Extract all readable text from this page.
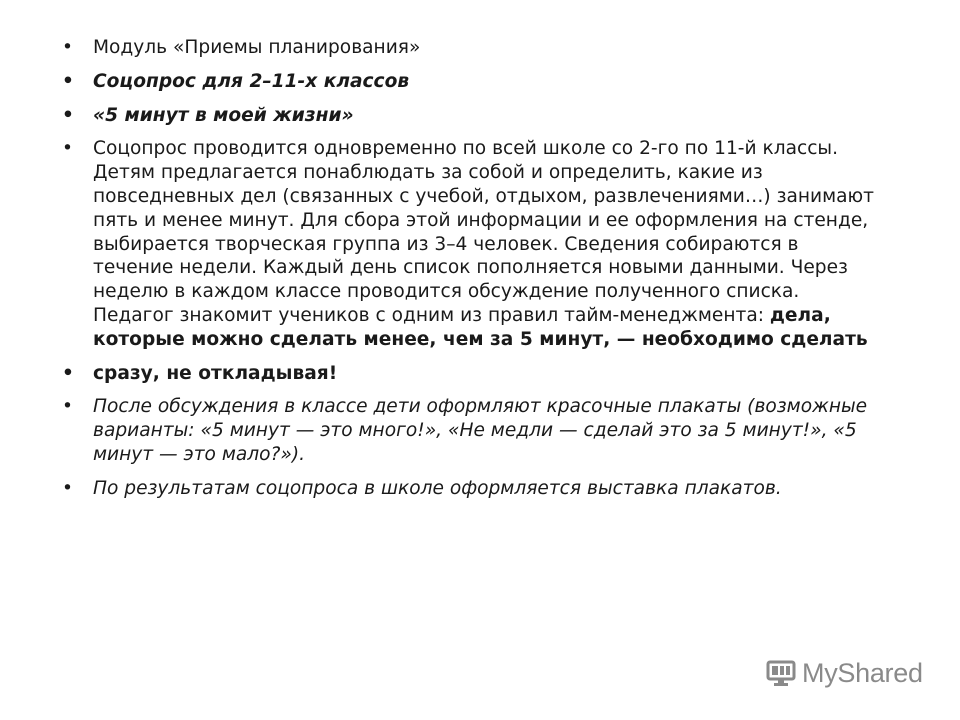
• Модуль «Приемы планирования»
• Соцопрос для 2–11-х классов
• «5 минут в моей жизни»
• Соцопрос проводится одновременно по всей школе со 2-го по 11-й классы. Детям предлагается понаблюдать за собой и определить, какие из повседневных дел (связанных с учебой, отдыхом, развлечениями…) занимают пять и менее минут. Для сбора этой информации и ее оформления на стенде, выбирается творческая группа из 3–4 человек. Сведения собираются в течение недели. Каждый день список пополняется новыми данными. Через неделю в каждом классе проводится обсуждение полученного списка. Педагог знакомит учеников с одним из правил тайм-менеджмента: дела, которые можно сделать менее, чем за 5 минут, — необходимо сделать
• сразу, не откладывая!
• После обсуждения в классе дети оформляют красочные плакаты (возможные варианты: «5 минут — это много!», «Не медли — сделай это за 5 минут!», «5 минут — это мало?»).
• По результатам соцопроса в школе оформляется выставка плакатов.
MyShared
